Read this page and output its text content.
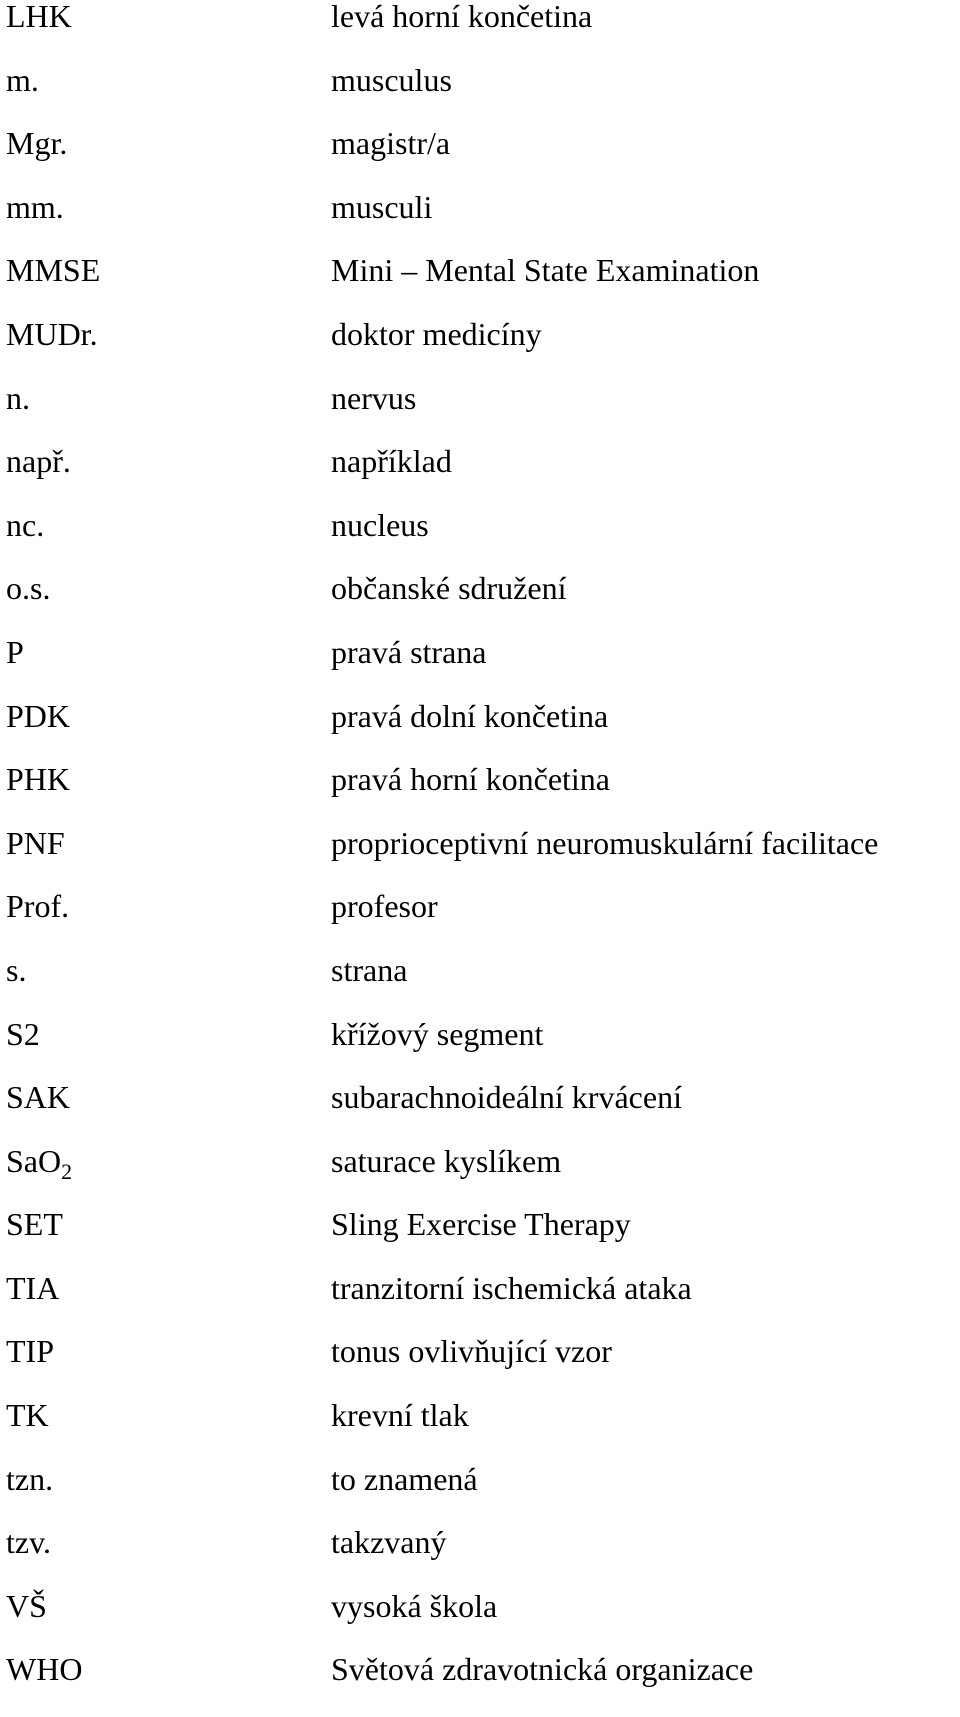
LHK	levá horní končetina
m.	musculus
Mgr.	magistr/a
mm.	musculi
MMSE	Mini – Mental State Examination
MUDr.	doktor medicíny
n.	nervus
např.	například
nc.	nucleus
o.s.	občanské sdružení
P	pravá strana
PDK	pravá dolní končetina
PHK	pravá horní končetina
PNF	proprioceptivní neuromuskulární facilitace
Prof.	profesor
s.	strana
S2	křížový segment
SAK	subarachnoideální krvácení
SaO$_2$	saturace kyslíkem
SET	Sling Exercise Therapy
TIA	tranzitorní ischemická ataka
TIP	tonus ovlivňující vzor
TK	krevní tlak
tzn.	to znamená
tzv.	takzvaný
VŠ	vysoká škola
WHO	Světová zdravotnická organizace
